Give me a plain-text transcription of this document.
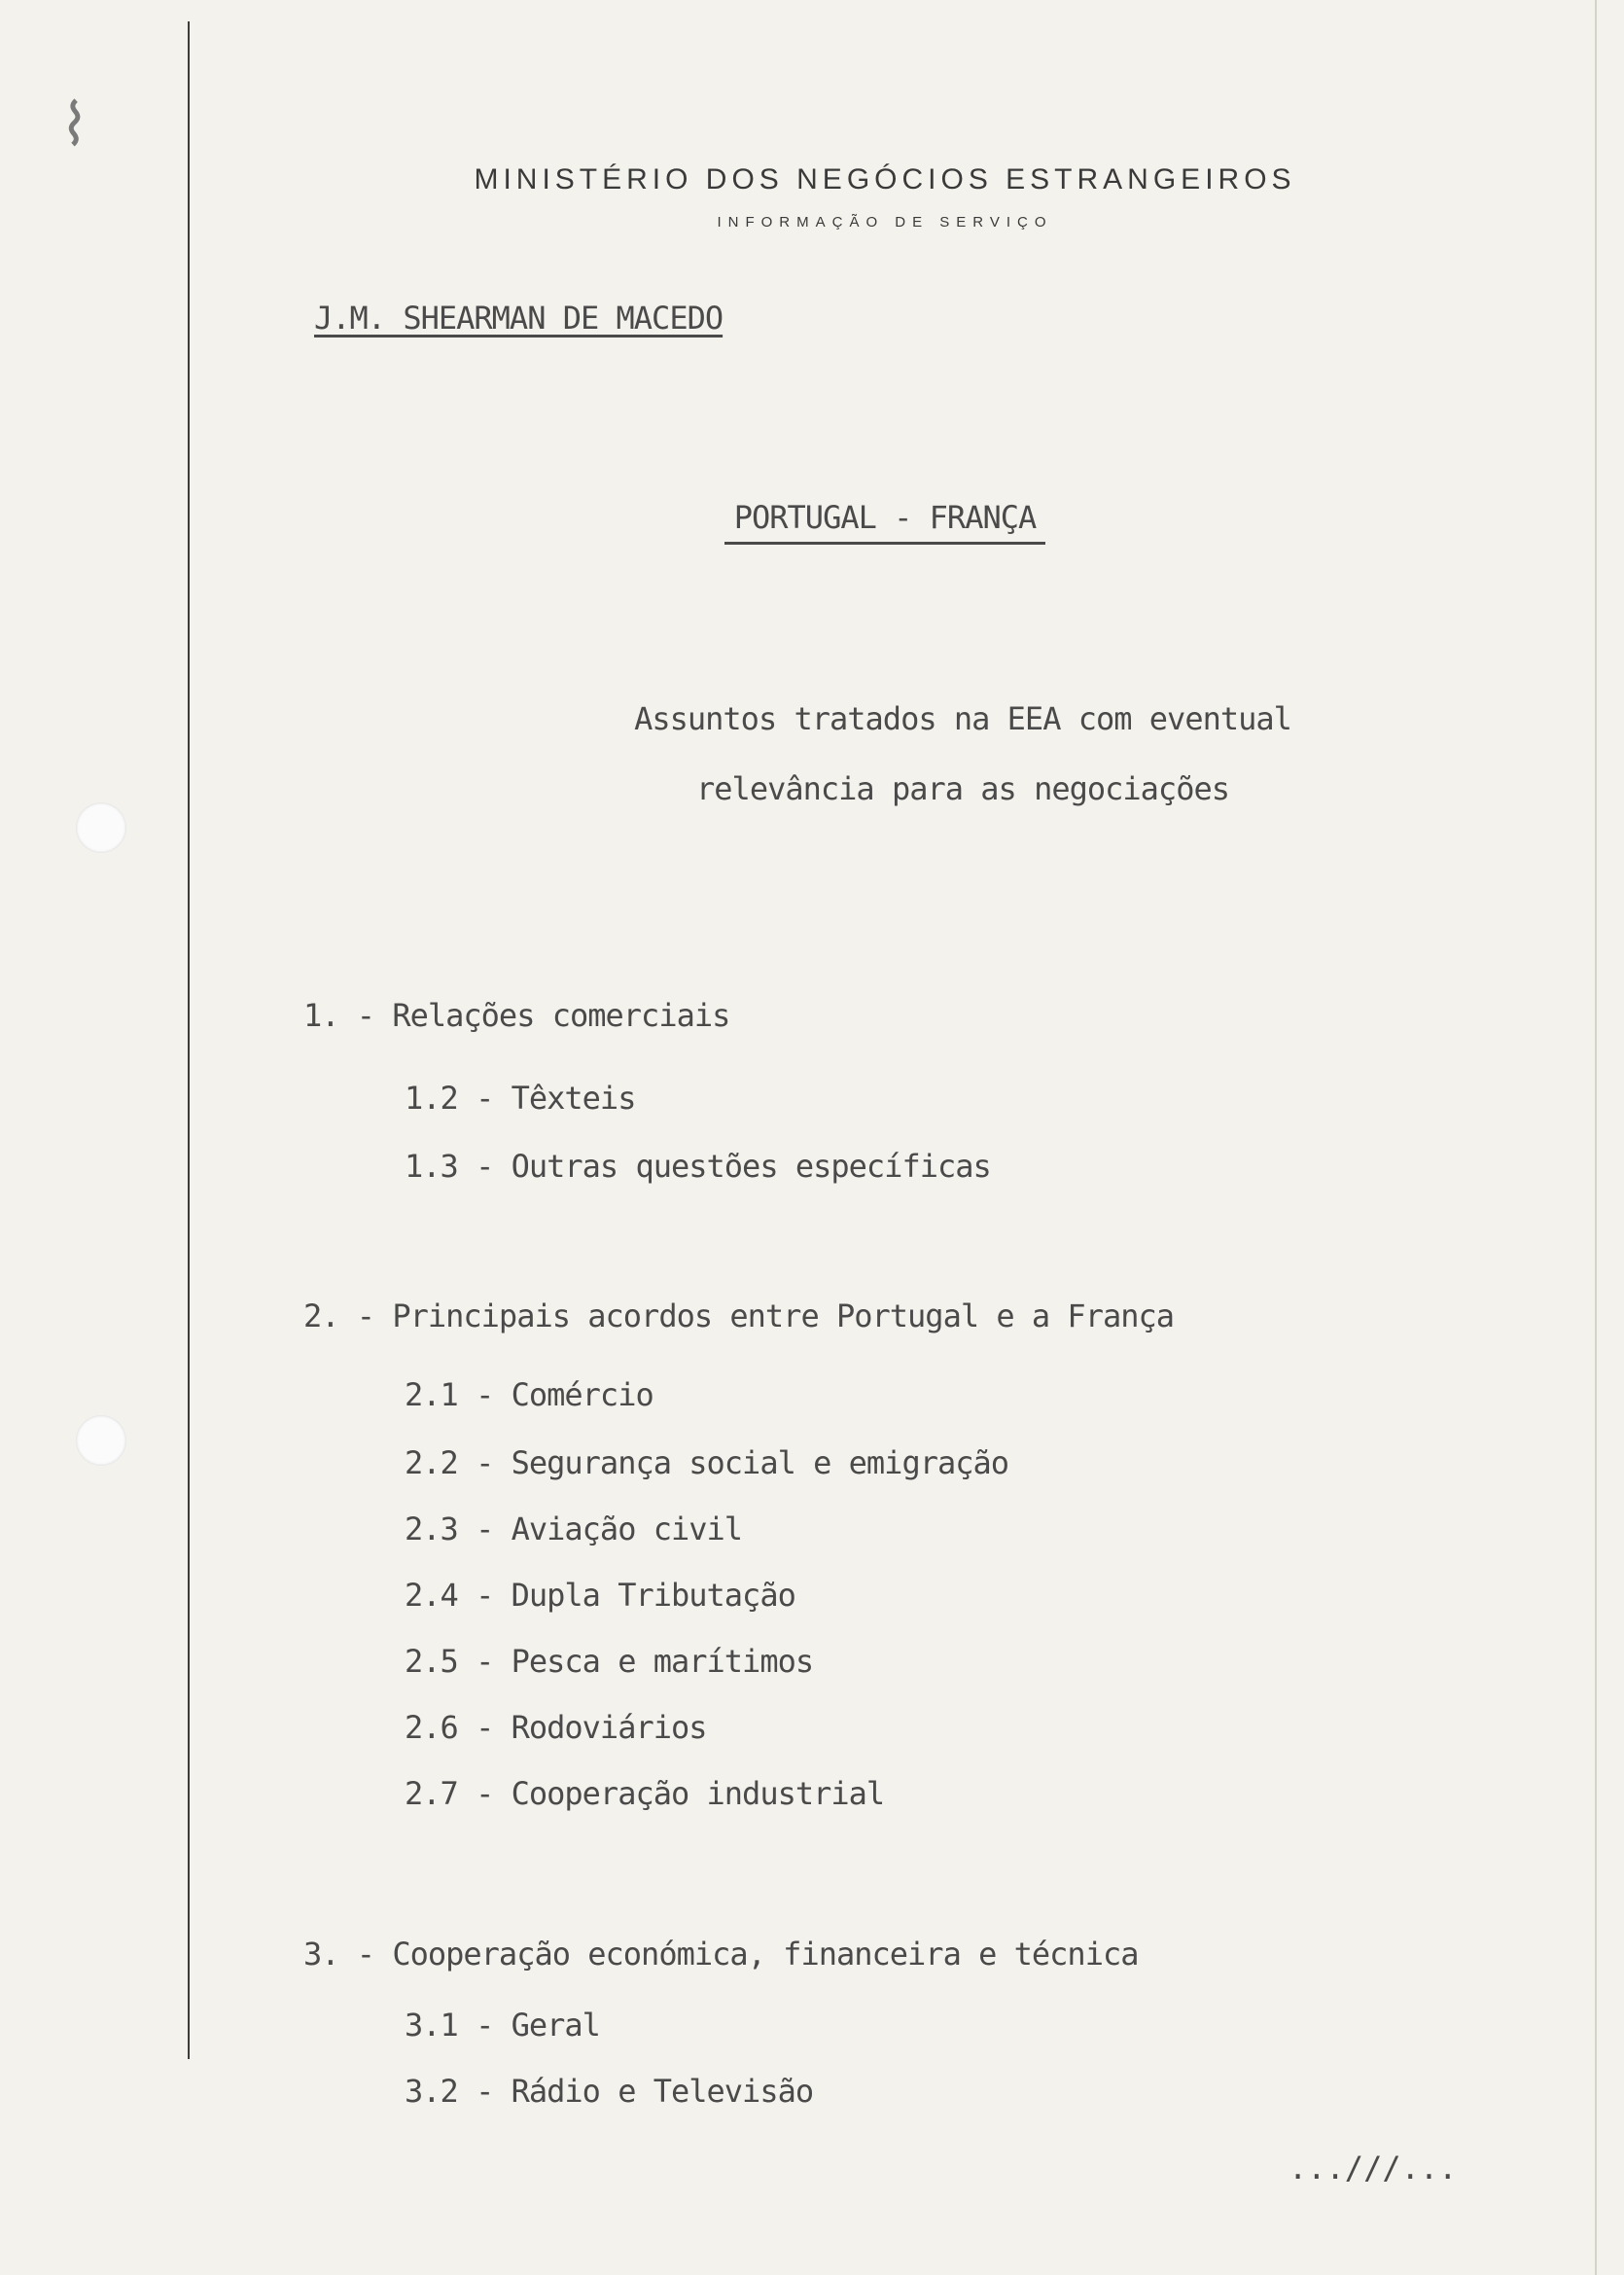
⌇
MINISTÉRIO DOS NEGÓCIOS ESTRANGEIROS
INFORMAÇÃO DE SERVIÇO
J.M. SHEARMAN DE MACEDO
PORTUGAL - FRANÇA
Assuntos tratados na EEA com eventual
relevância para as negociações
1. - Relações comerciais
1.2 - Têxteis
1.3 - Outras questões específicas
2. - Principais acordos entre Portugal e a França
2.1 - Comércio
2.2 - Segurança social e emigração
2.3 - Aviação civil
2.4 - Dupla Tributação
2.5 - Pesca e marítimos
2.6 - Rodoviários
2.7 - Cooperação industrial
3. - Cooperação económica, financeira e técnica
3.1 - Geral
3.2 - Rádio e Televisão
...///...
